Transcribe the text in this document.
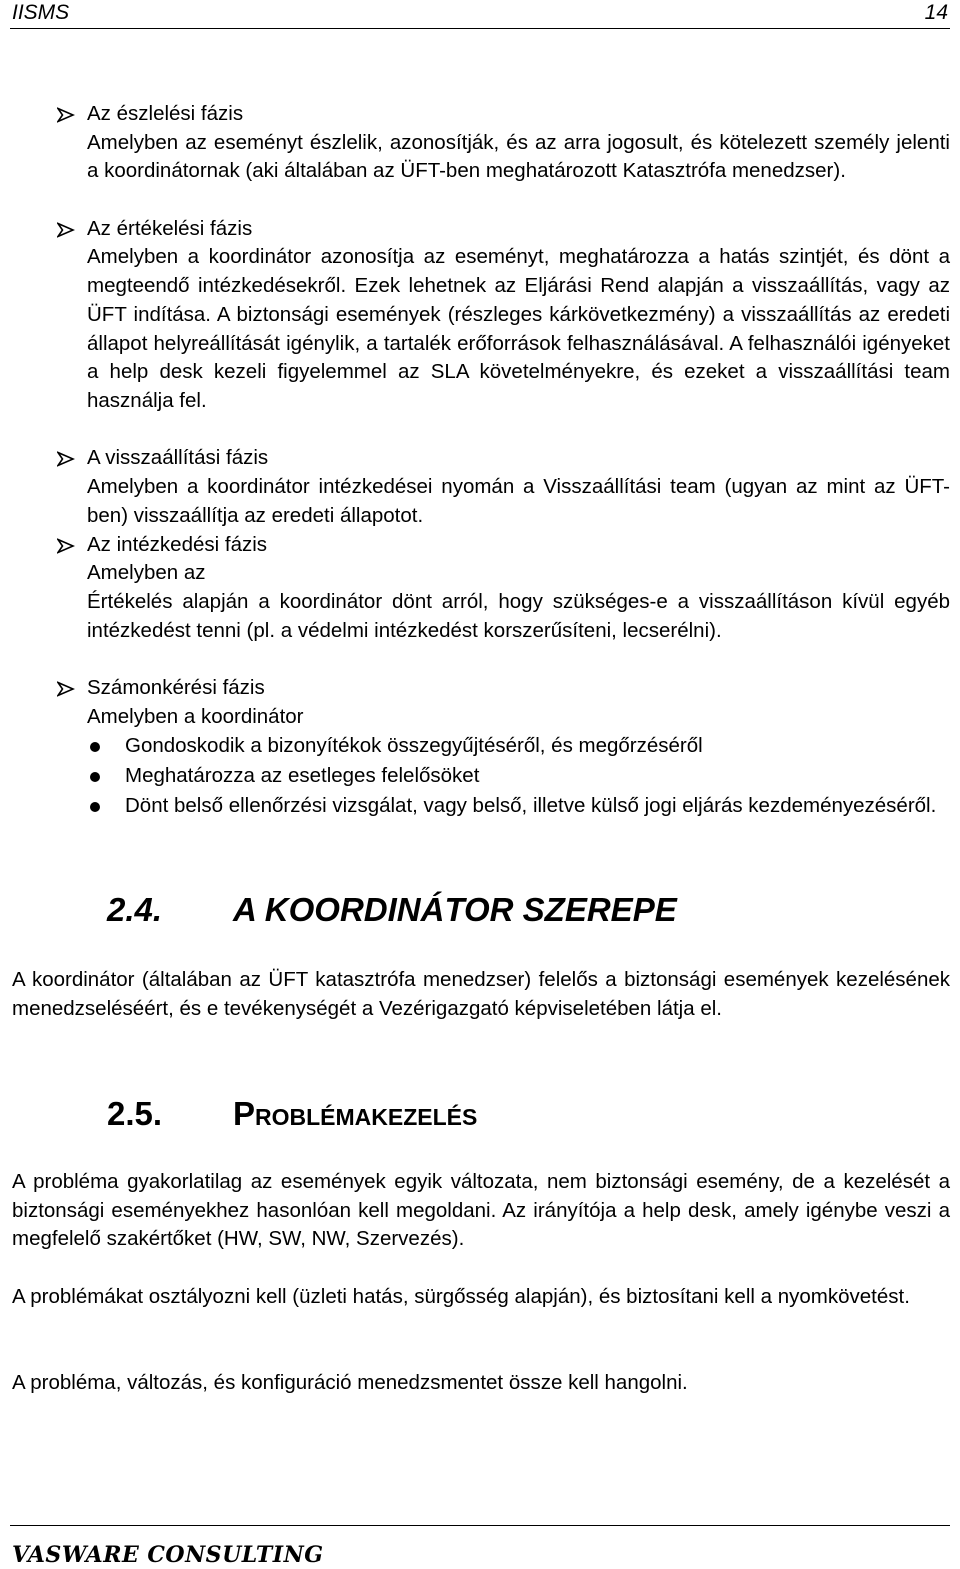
IISMS	14
Az észlelési fázis
Amelyben az eseményt észlelik, azonosítják, és az arra jogosult, és kötelezett személy jelenti a koordinátornak (aki általában az ÜFT-ben meghatározott Katasztrófa menedzser).
Az értékelési fázis
Amelyben a koordinátor azonosítja az eseményt, meghatározza a hatás szintjét, és dönt a megteendő intézkedésekről. Ezek lehetnek az Eljárási Rend alapján a visszaállítás, vagy az ÜFT indítása. A biztonsági események (részleges kárkövetkezmény) a visszaállítás az eredeti állapot helyreállítását igénylik, a tartalék erőforrások felhasználásával. A felhasználói igényeket a help desk kezeli figyelemmel az SLA követelményekre, és ezeket a visszaállítási team használja fel.
A visszaállítási fázis
Amelyben a koordinátor intézkedései nyomán a Visszaállítási team (ugyan az mint az ÜFT-ben) visszaállítja az eredeti állapotot.
Az intézkedési fázis
Amelyben az
Értékelés alapján a koordinátor dönt arról, hogy szükséges-e a visszaállításon kívül egyéb intézkedést tenni (pl. a védelmi intézkedést korszerűsíteni, lecserélni).
Számonkérési fázis
Amelyben a koordinátor
Gondoskodik a bizonyítékok összegyűjtéséről, és megőrzéséről
Meghatározza az esetleges felelősöket
Dönt belső ellenőrzési vizsgálat, vagy belső, illetve külső jogi eljárás kezdeményezéséről.
2.4. A KOORDINÁTOR SZEREPE
A koordinátor (általában az ÜFT katasztrófa menedzser) felelős a biztonsági események kezelésének menedzseléséért, és e tevékenységét a Vezérigazgató képviseletében látja el.
2.5. Problémakezelés
A probléma gyakorlatilag az események egyik változata, nem biztonsági esemény, de a kezelését a biztonsági eseményekhez hasonlóan kell megoldani. Az irányítója a help desk, amely igénybe veszi a megfelelő szakértőket (HW, SW, NW, Szervezés).
A problémákat osztályozni kell (üzleti hatás, sürgősség alapján), és biztosítani kell a nyomkövetést.
A probléma, változás, és konfiguráció menedzsmentet össze kell hangolni.
VASWARE CONSULTING
